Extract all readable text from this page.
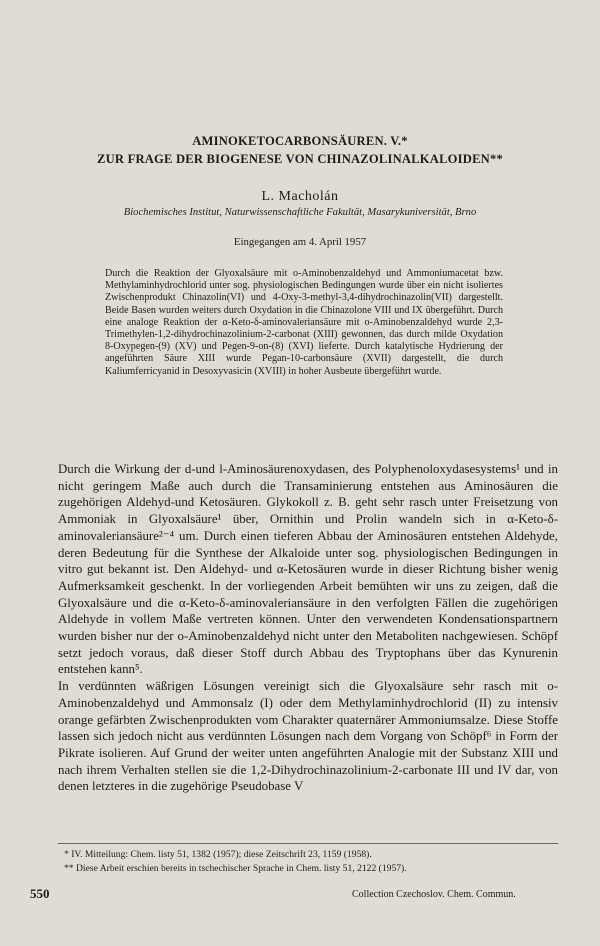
AMINOKETOCARBONSÄUREN. V.*
ZUR FRAGE DER BIOGENESE VON CHINAZOLINALKALOIDEN**

L. Macholán

Biochemisches Institut, Naturwissenschaftliche Fakultät, Masarykuniversität, Brno

Eingegangen am 4. April 1957

Durch die Reaktion der Glyoxalsäure mit o-Aminobenzaldehyd und Ammoniumacetat bzw. Methylaminhydrochlorid unter sog. physiologischen Bedingungen wurde über ein nicht isoliertes Zwischenprodukt Chinazolin(VI) und 4-Oxy-3-methyl-3,4-dihydrochinazolin(VII) dargestellt. Beide Basen wurden weiters durch Oxydation in die Chinazolone VIII und IX übergeführt. Durch eine analoge Reaktion der α-Keto-δ-aminovaleriansäure mit o-Aminobenzaldehyd wurde 2,3-Trimethylen-1,2-dihydrochinazolinium-2-carbonat (XIII) gewonnen, das durch milde Oxydation 8-Oxypegen-(9) (XV) und Pegen-9-on-(8) (XVI) lieferte. Durch katalytische Hydrierung der angeführten Säure XIII wurde Pegan-10-carbonsäure (XVII) dargestellt, die durch Kaliumferricyanid in Desoxyvasicin (XVIII) in hoher Ausbeute übergeführt wurde.

Durch die Wirkung der d-und l-Aminosäurenoxydasen, des Polyphenoloxydasesystems¹ und in nicht geringem Maße auch durch die Transaminierung entstehen aus Aminosäuren die zugehörigen Aldehyd-und Ketosäuren. Glykokoll z. B. geht sehr rasch unter Freisetzung von Ammoniak in Glyoxalsäure¹ über, Ornithin und Prolin wandeln sich in α-Keto-δ-aminovaleriansäure²⁻⁴ um. Durch einen tieferen Abbau der Aminosäuren entstehen Aldehyde, deren Bedeutung für die Synthese der Alkaloide unter sog. physiologischen Bedingungen in vitro gut bekannt ist. Den Aldehyd- und α-Ketosäuren wurde in dieser Richtung bisher wenig Aufmerksamkeit geschenkt. In der vorliegenden Arbeit bemühten wir uns zu zeigen, daß die Glyoxalsäure und die α-Keto-δ-aminovaleriansäure in den verfolgten Fällen die zugehörigen Aldehyde in vollem Maße vertreten können. Unter den verwendeten Kondensationspartnern wurden bisher nur der o-Aminobenzaldehyd nicht unter den Metaboliten nachgewiesen. Schöpf setzt jedoch voraus, daß dieser Stoff durch Abbau des Tryptophans über das Kynurenin entstehen kann⁵.

In verdünnten wäßrigen Lösungen vereinigt sich die Glyoxalsäure sehr rasch mit o-Aminobenzaldehyd und Ammonsalz (I) oder dem Methylaminhydrochlorid (II) zu intensiv orange gefärbten Zwischenprodukten vom Charakter quaternärer Ammoniumsalze. Diese Stoffe lassen sich jedoch nicht aus verdünnten Lösungen nach dem Vorgang von Schöpf⁶ in Form der Pikrate isolieren. Auf Grund der weiter unten angeführten Analogie mit der Substanz XIII und nach ihrem Verhalten stellen sie die 1,2-Dihydrochinazolinium-2-carbonate III und IV dar, von denen letzteres in die zugehörige Pseudobase V

* IV. Mitteilung: Chem. listy 51, 1382 (1957); diese Zeitschrift 23, 1159 (1958).

** Diese Arbeit erschien bereits in tschechischer Sprache in Chem. listy 51, 2122 (1957).

550	Collection Czechoslov. Chem. Commun.
